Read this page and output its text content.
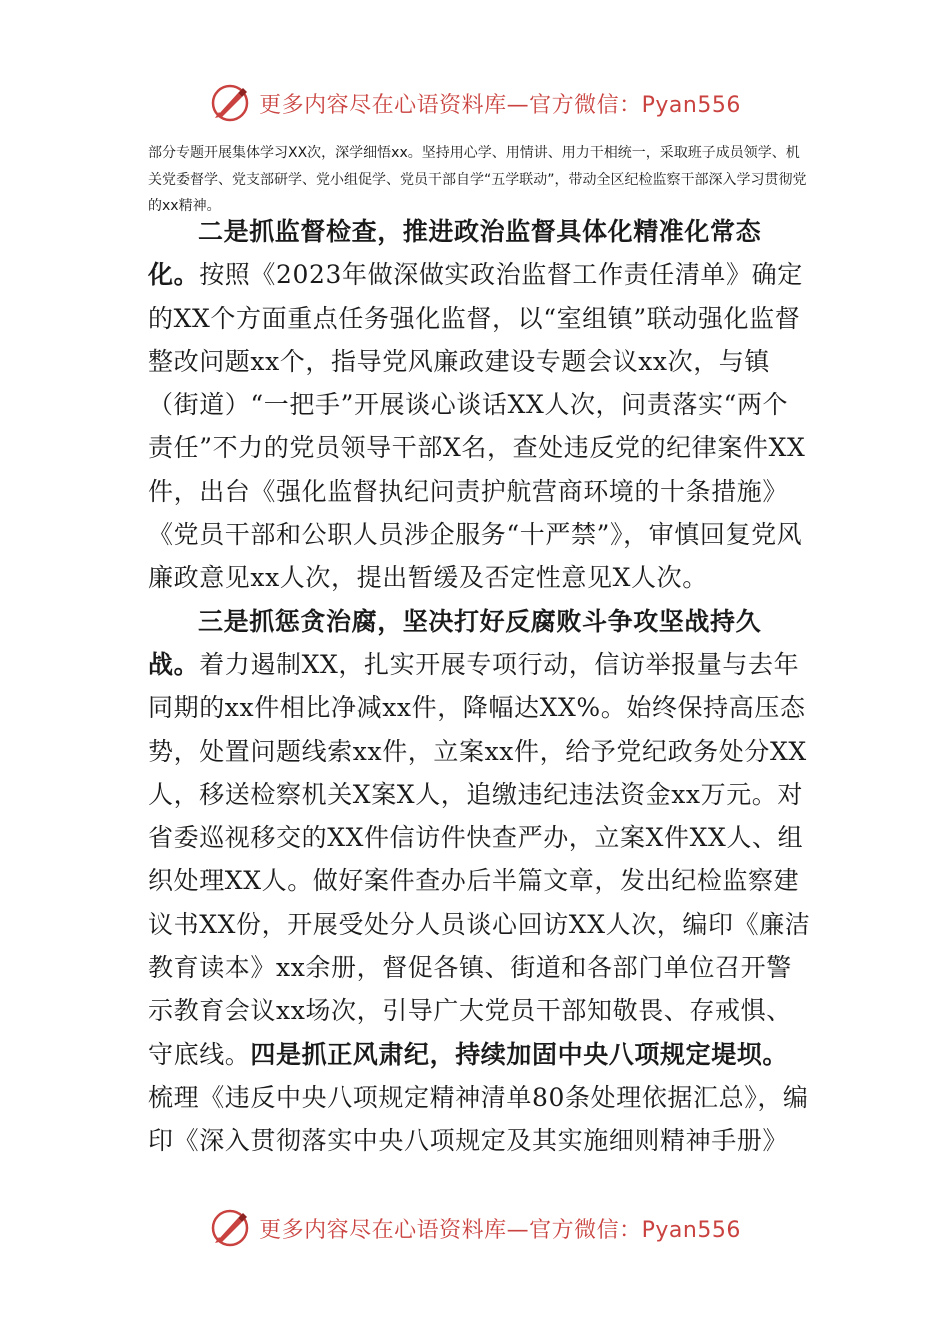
更多内容尽在心语资料库—官方微信：Pyan556

部分专题开展集体学习XX次，深学细悟xx。坚持用心学、用情讲、用力干相统一，采取班子成员领学、机关党委督学、党支部研学、党小组促学、党员干部自学“五学联动”，带动全区纪检监察干部深入学习贯彻党的xx精神。

二是抓监督检查，推进政治监督具体化精准化常态化。按照《2023年做深做实政治监督工作责任清单》确定的XX个方面重点任务强化监督，以“室组镇”联动强化监督整改问题xx个，指导党风廉政建设专题会议xx次，与镇（街道）“一把手”开展谈心谈话XX人次，问责落实“两个责任”不力的党员领导干部X名，查处违反党的纪律案件XX件，出台《强化监督执纪问责护航营商环境的十条措施》《党员干部和公职人员涉企服务“十严禁”》，审慎回复党风廉政意见xx人次，提出暂缓及否定性意见X人次。

三是抓惩贪治腐，坚决打好反腐败斗争攻坚战持久战。着力遏制XX，扎实开展专项行动，信访举报量与去年同期的xx件相比净减xx件，降幅达XX%。始终保持高压态势，处置问题线索xx件，立案xx件，给予党纪政务处分XX人，移送检察机关X案X人，追缴违纪违法资金xx万元。对省委巡视移交的XX件信访件快查严办，立案X件XX人、组织处理XX人。做好案件查办后半篇文章，发出纪检监察建议书XX份，开展受处分人员谈心回访XX人次，编印《廉洁教育读本》xx余册，督促各镇、街道和各部门单位召开警示教育会议xx场次，引导广大党员干部知敬畏、存戒惧、守底线。四是抓正风肃纪，持续加固中央八项规定堤坝。梳理《违反中央八项规定精神清单80条处理依据汇总》，编印《深入贯彻落实中央八项规定及其实施细则精神手册》

更多内容尽在心语资料库—官方微信：Pyan556
